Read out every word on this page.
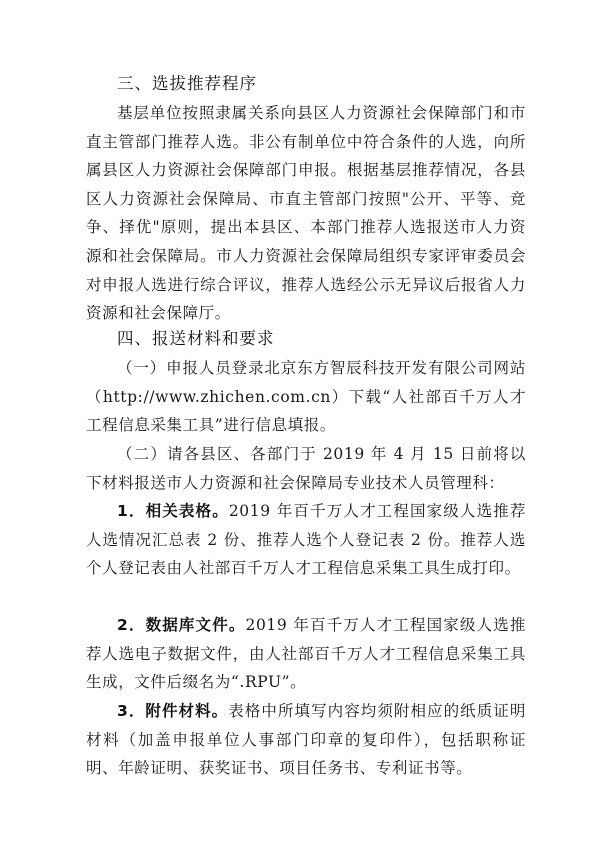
三、选拔推荐程序

基层单位按照隶属关系向县区人力资源社会保障部门和市直主管部门推荐人选。非公有制单位中符合条件的人选，向所属县区人力资源社会保障部门申报。根据基层推荐情况，各县区人力资源社会保障局、市直主管部门按照"公开、平等、竞争、择优"原则，提出本县区、本部门推荐人选报送市人力资源和社会保障局。市人力资源社会保障局组织专家评审委员会对申报人选进行综合评议，推荐人选经公示无异议后报省人力资源和社会保障厅。

四、报送材料和要求

（一）申报人员登录北京东方智辰科技开发有限公司网站（http://www.zhichen.com.cn）下载“人社部百千万人才工程信息采集工具”进行信息填报。

（二）请各县区、各部门于 2019 年 4 月 15 日前将以下材料报送市人力资源和社会保障局专业技术人员管理科：

1．相关表格。2019 年百千万人才工程国家级人选推荐人选情况汇总表 2 份、推荐人选个人登记表 2 份。推荐人选个人登记表由人社部百千万人才工程信息采集工具生成打印。

2．数据库文件。2019 年百千万人才工程国家级人选推荐人选电子数据文件，由人社部百千万人才工程信息采集工具生成，文件后缀名为“.RPU”。

3．附件材料。表格中所填写内容均须附相应的纸质证明材料（加盖申报单位人事部门印章的复印件），包括职称证明、年龄证明、获奖证书、项目任务书、专利证书等。
